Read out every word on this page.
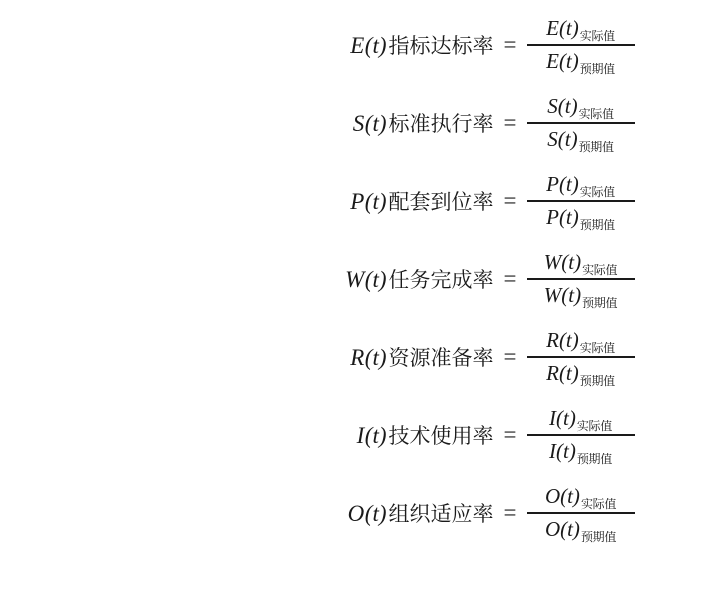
E (t) 指标达标率 = $\frac{\text{E (t) 实际值}}{\text{E (t) 预期值}}$
S (t) 标准执行率 = $\frac{\text{S (t) 实际值}}{\text{S (t) 预期值}}$
P (t) 配套到位率 = $\frac{\text{P (t) 实际值}}{\text{P (t) 预期值}}$
W (t) 任务完成率 = $\frac{\text{W (t) 实际值}}{\text{W (t) 预期值}}$
R (t) 资源准备率 = $\frac{\text{R (t) 实际值}}{\text{R (t) 预期值}}$
I (t) 技术使用率 = $\frac{\text{I (t) 实际值}}{\text{I (t) 预期值}}$
O (t) 组织适应率 = $\frac{\text{O (t) 实际值}}{\text{O (t) 预期值}}$
